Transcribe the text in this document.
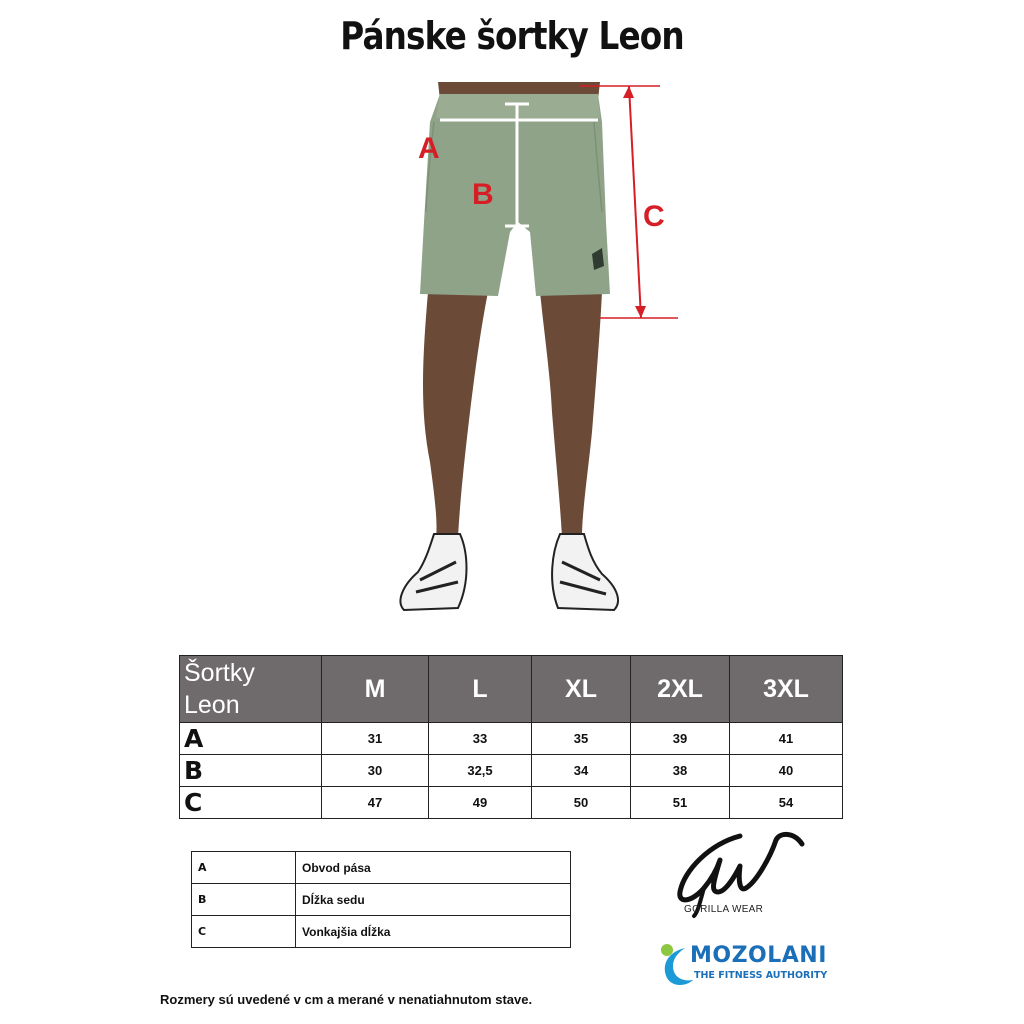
Pánske šortky Leon
A
B
C
Šortky
Leon	M	L	XL	2XL	3XL
A	31	33	35	39	41
B	30	32,5	34	38	40
C	47	49	50	51	54
A	Obvod pása
B	Dĺžka sedu
C	Vonkajšia dĺžka
GORILLA WEAR
MOZOLANI
THE FITNESS AUTHORITY
Rozmery sú uvedené v cm a merané v nenatiahnutom stave.
